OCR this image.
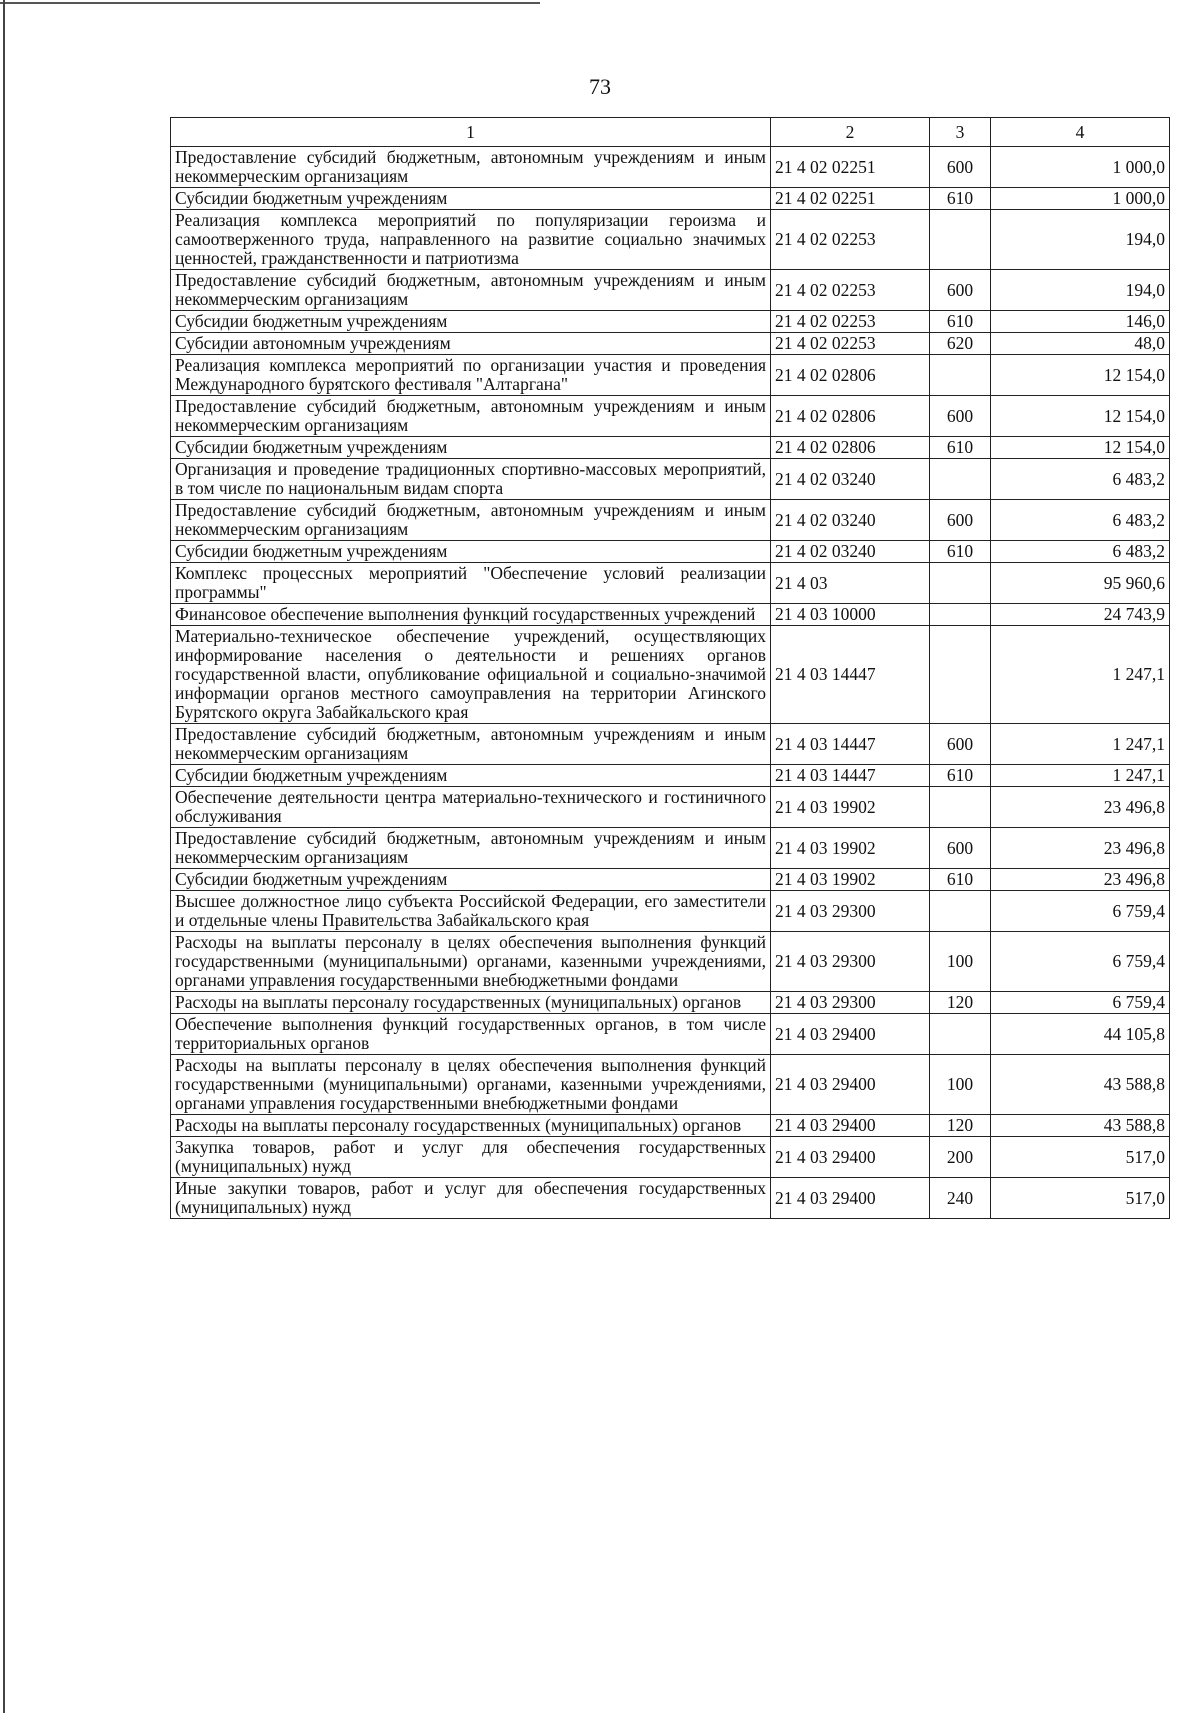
73
1	2	3	4
Предоставление субсидий бюджетным, автономным учреждениям и иным некоммерческим организациям	21 4 02 02251	600	1 000,0
Субсидии бюджетным учреждениям	21 4 02 02251	610	1 000,0
Реализация комплекса мероприятий по популяризации героизма и самоотверженного труда, направленного на развитие социально значимых ценностей, гражданственности и патриотизма	21 4 02 02253		194,0
Предоставление субсидий бюджетным, автономным учреждениям и иным некоммерческим организациям	21 4 02 02253	600	194,0
Субсидии бюджетным учреждениям	21 4 02 02253	610	146,0
Субсидии автономным учреждениям	21 4 02 02253	620	48,0
Реализация комплекса мероприятий по организации участия и проведения Международного бурятского фестиваля "Алтаргана"	21 4 02 02806		12 154,0
Предоставление субсидий бюджетным, автономным учреждениям и иным некоммерческим организациям	21 4 02 02806	600	12 154,0
Субсидии бюджетным учреждениям	21 4 02 02806	610	12 154,0
Организация и проведение традиционных спортивно-массовых мероприятий, в том числе по национальным видам спорта	21 4 02 03240		6 483,2
Предоставление субсидий бюджетным, автономным учреждениям и иным некоммерческим организациям	21 4 02 03240	600	6 483,2
Субсидии бюджетным учреждениям	21 4 02 03240	610	6 483,2
Комплекс процессных мероприятий "Обеспечение условий реализации программы"	21 4 03		95 960,6
Финансовое обеспечение выполнения функций государственных учреждений	21 4 03 10000		24 743,9
Материально-техническое обеспечение учреждений, осуществляющих информирование населения о деятельности и решениях органов государственной власти, опубликование официальной и социально-значимой информации органов местного самоуправления на территории Агинского Бурятского округа Забайкальского края	21 4 03 14447		1 247,1
Предоставление субсидий бюджетным, автономным учреждениям и иным некоммерческим организациям	21 4 03 14447	600	1 247,1
Субсидии бюджетным учреждениям	21 4 03 14447	610	1 247,1
Обеспечение деятельности центра материально-технического и гостиничного обслуживания	21 4 03 19902		23 496,8
Предоставление субсидий бюджетным, автономным учреждениям и иным некоммерческим организациям	21 4 03 19902	600	23 496,8
Субсидии бюджетным учреждениям	21 4 03 19902	610	23 496,8
Высшее должностное лицо субъекта Российской Федерации, его заместители и отдельные члены Правительства Забайкальского края	21 4 03 29300		6 759,4
Расходы на выплаты персоналу в целях обеспечения выполнения функций государственными (муниципальными) органами, казенными учреждениями, органами управления государственными внебюджетными фондами	21 4 03 29300	100	6 759,4
Расходы на выплаты персоналу государственных (муниципальных) органов	21 4 03 29300	120	6 759,4
Обеспечение выполнения функций государственных органов, в том числе территориальных органов	21 4 03 29400		44 105,8
Расходы на выплаты персоналу в целях обеспечения выполнения функций государственными (муниципальными) органами, казенными учреждениями, органами управления государственными внебюджетными фондами	21 4 03 29400	100	43 588,8
Расходы на выплаты персоналу государственных (муниципальных) органов	21 4 03 29400	120	43 588,8
Закупка товаров, работ и услуг для обеспечения государственных (муниципальных) нужд	21 4 03 29400	200	517,0
Иные закупки товаров, работ и услуг для обеспечения государственных (муниципальных) нужд	21 4 03 29400	240	517,0
